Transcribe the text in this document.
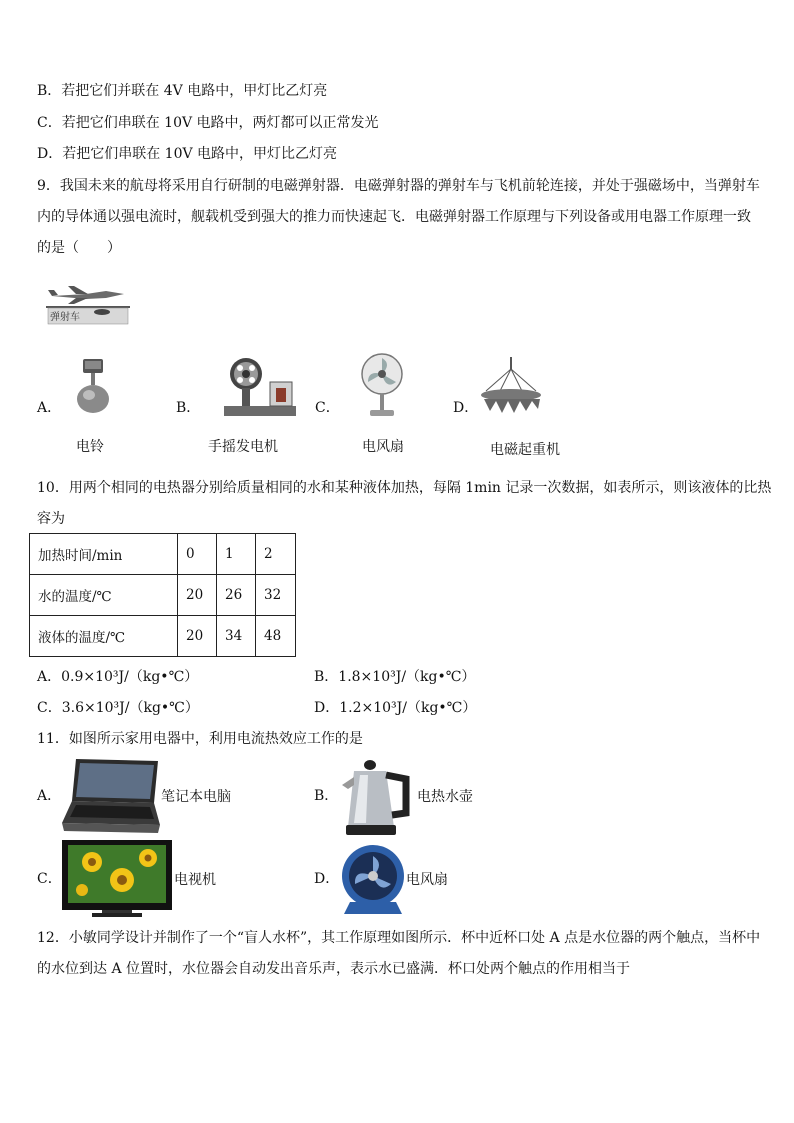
B．若把它们并联在 4V 电路中，甲灯比乙灯亮
C．若把它们串联在 10V 电路中，两灯都可以正常发光
D．若把它们串联在 10V 电路中，甲灯比乙灯亮
9．我国未来的航母将采用自行研制的电磁弹射器．电磁弹射器的弹射车与飞机前轮连接，并处于强磁场中，当弹射车
内的导体通以强电流时，舰载机受到强大的推力而快速起飞．电磁弹射器工作原理与下列设备或用电器工作原理一致
的是（　　）
弹射车
A．
电铃
B．
手摇发电机
C．
电风扇
D．
电磁起重机
10．用两个相同的电热器分别给质量相同的水和某种液体加热，每隔 1min 记录一次数据，如表所示，则该液体的比热
容为
加热时间/min	0	1	2
水的温度/℃	20	26	32
液体的温度/℃	20	34	48
A．0.9×10³J/（kg•℃）	B．1.8×10³J/（kg•℃）
C．3.6×10³J/（kg•℃）	D．1.2×10³J/（kg•℃）
11．如图所示家用电器中，利用电流热效应工作的是
A．	笔记本电脑	B．	电热水壶
C．	电视机	D．	电风扇
12．小敏同学设计并制作了一个“盲人水杯”，其工作原理如图所示．杯中近杯口处 A 点是水位器的两个触点，当杯中
的水位到达 A 位置时，水位器会自动发出音乐声，表示水已盛满．杯口处两个触点的作用相当于
